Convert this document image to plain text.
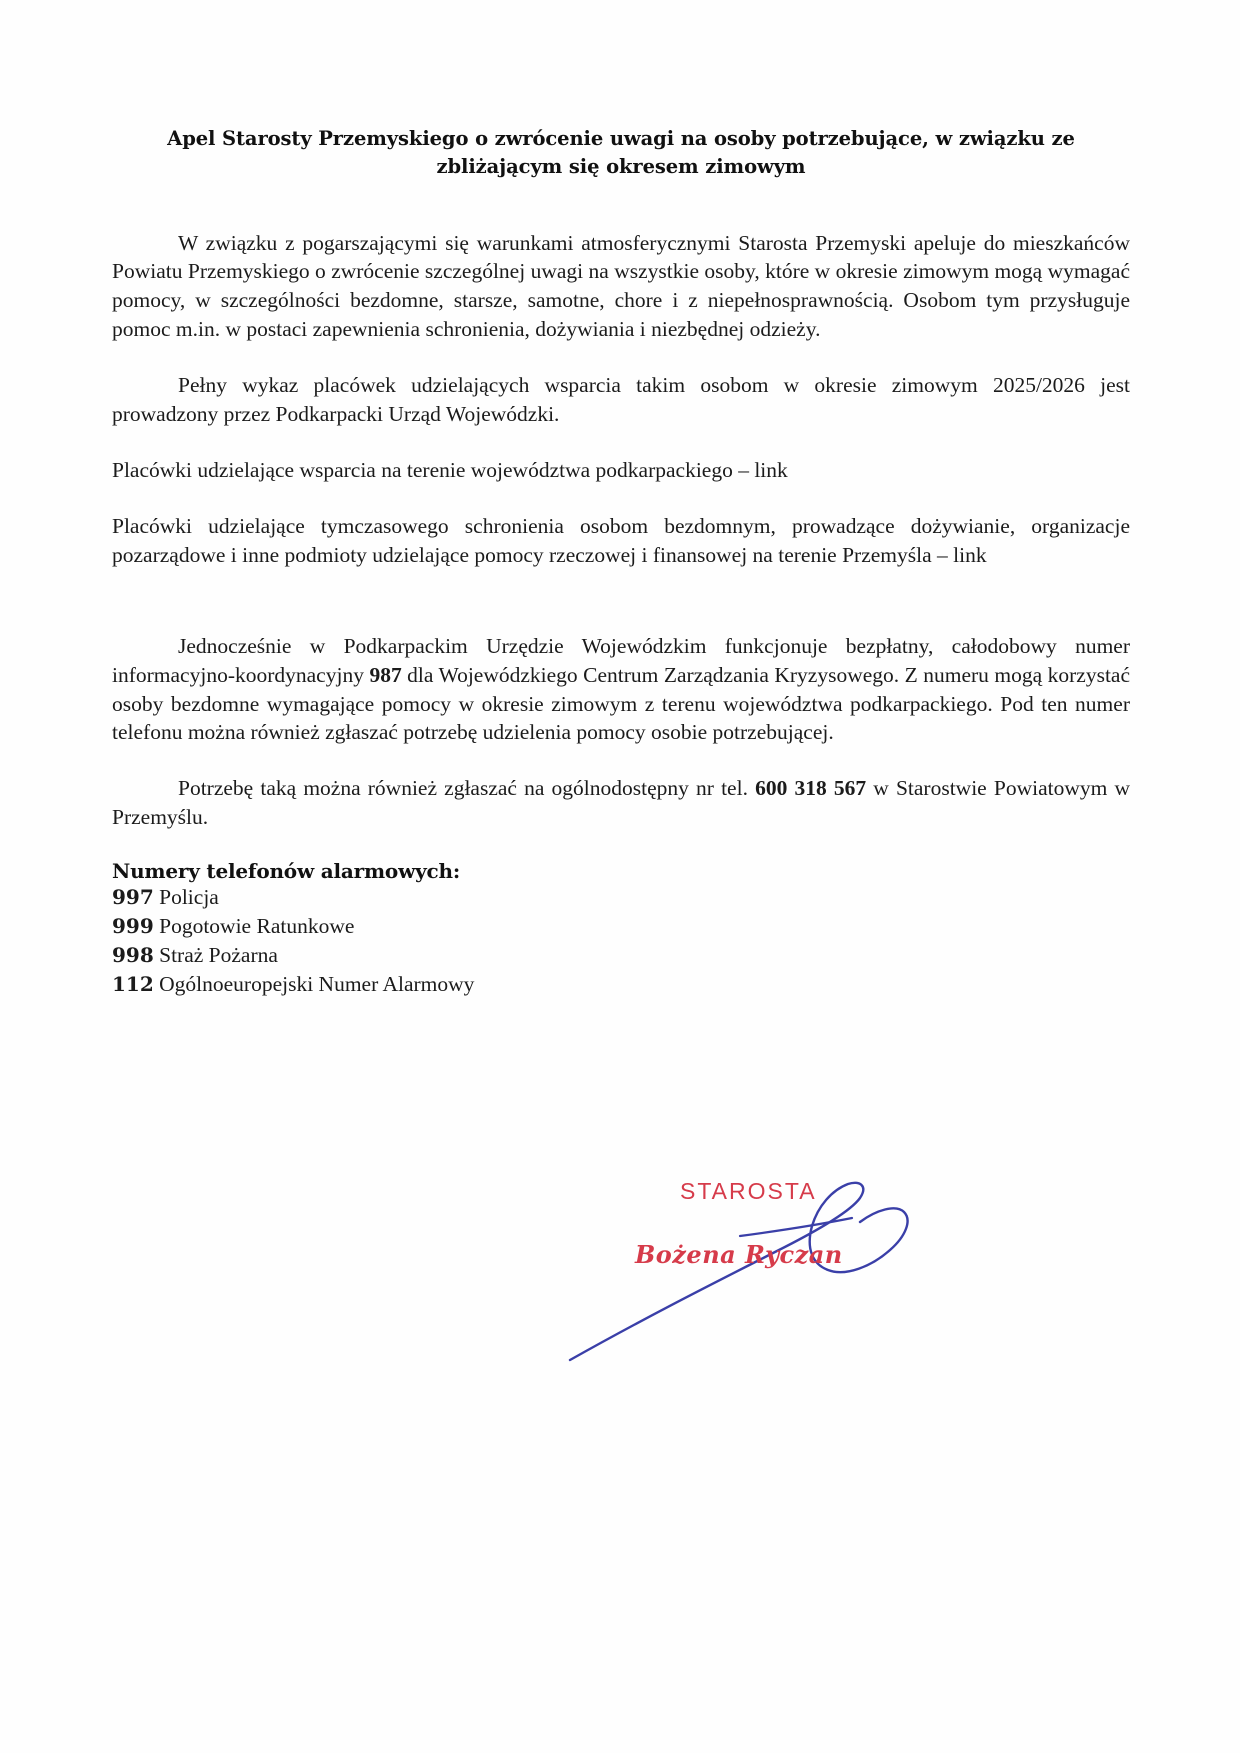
Apel Starosty Przemyskiego o zwrócenie uwagi na osoby potrzebujące, w związku ze zbliżającym się okresem zimowym

W związku z pogarszającymi się warunkami atmosferycznymi Starosta Przemyski apeluje do mieszkańców Powiatu Przemyskiego o zwrócenie szczególnej uwagi na wszystkie osoby, które w okresie zimowym mogą wymagać pomocy, w szczególności bezdomne, starsze, samotne, chore i z niepełnosprawnością. Osobom tym przysługuje pomoc m.in. w postaci zapewnienia schronienia, dożywiania i niezbędnej odzieży.

Pełny wykaz placówek udzielających wsparcia takim osobom w okresie zimowym 2025/2026 jest prowadzony przez Podkarpacki Urząd Wojewódzki.

Placówki udzielające wsparcia na terenie województwa podkarpackiego – link

Placówki udzielające tymczasowego schronienia osobom bezdomnym, prowadzące dożywianie, organizacje pozarządowe i inne podmioty udzielające pomocy rzeczowej i finansowej na terenie Przemyśla – link

Jednocześnie w Podkarpackim Urzędzie Wojewódzkim funkcjonuje bezpłatny, całodobowy numer informacyjno-koordynacyjny 987 dla Wojewódzkiego Centrum Zarządzania Kryzysowego. Z numeru mogą korzystać osoby bezdomne wymagające pomocy w okresie zimowym z terenu województwa podkarpackiego. Pod ten numer telefonu można również zgłaszać potrzebę udzielenia pomocy osobie potrzebującej.

Potrzebę taką można również zgłaszać na ogólnodostępny nr tel. 600 318 567 w Starostwie Powiatowym w Przemyślu.

Numery telefonów alarmowych:

997 Policja

999 Pogotowie Ratunkowe

998 Straż Pożarna

112 Ogólnoeuropejski Numer Alarmowy

STAROSTA
Bożena Ryczan
